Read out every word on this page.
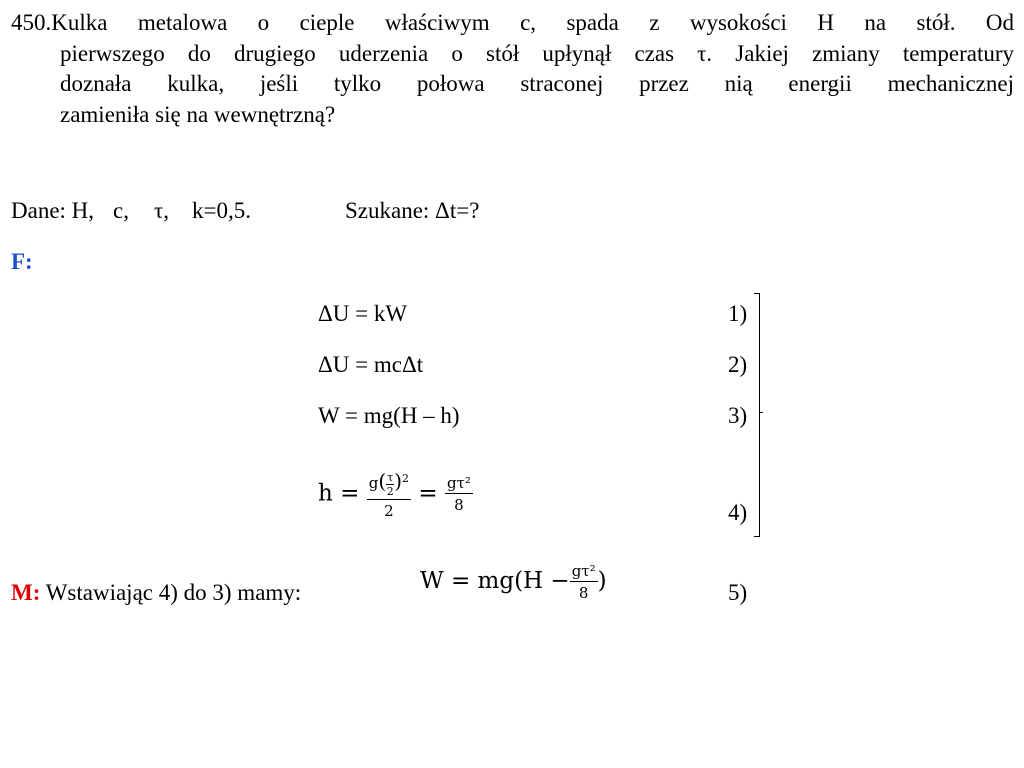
450.Kulka metalowa o cieple właściwym c, spada z wysokości H na stół. Od
pierwszego do drugiego uderzenia o stół upłynął czas τ. Jakiej zmiany temperatury
doznała kulka, jeśli tylko połowa straconej przez nią energii mechanicznej
zamieniła się na wewnętrzną?
Dane: H, c, τ, k=0,5.	Szukane: Δt=?
F:
ΔU = kW	1)
ΔU = mcΔt	2)
W = mg(H – h)	3)
$h = \frac{g( \frac{\tau}{2} )^2}{2} = \frac{\text{gτ²}}{8}$	4)
M: Wstawiając 4) do 3) mamy:	$W = mg(H - \frac{\text{gτ²}}{8}$ )	5)
